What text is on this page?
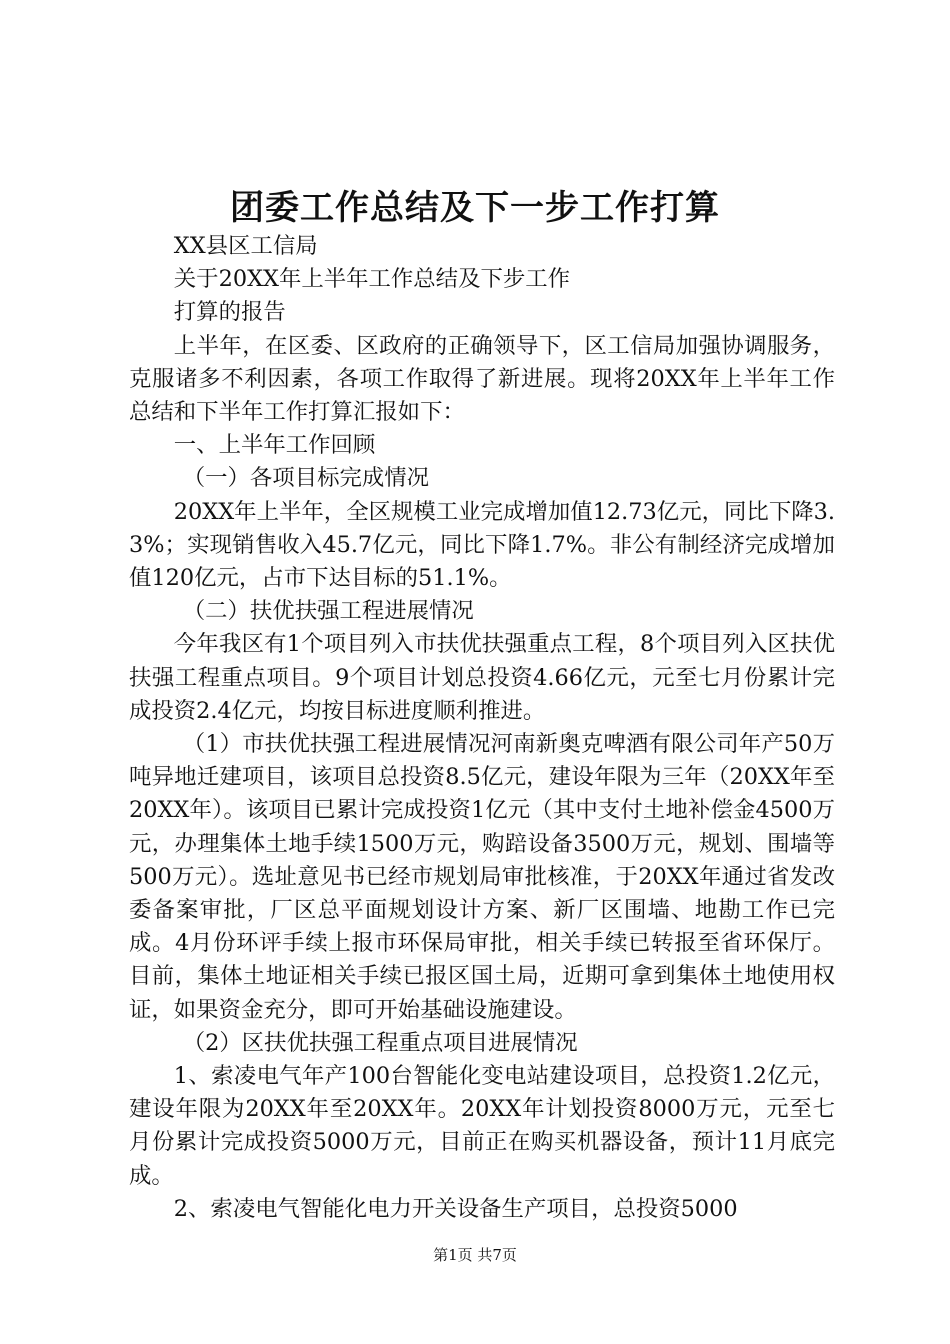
团委工作总结及下一步工作打算

XX县区工信局

关于20XX年上半年工作总结及下步工作

打算的报告

上半年，在区委、区政府的正确领导下，区工信局加强协调服务，克服诸多不利因素，各项工作取得了新进展。现将20XX年上半年工作总结和下半年工作打算汇报如下：

一、上半年工作回顾

（一）各项目标完成情况

20XX年上半年，全区规模工业完成增加值12.73亿元，同比下降3.3%；实现销售收入45.7亿元，同比下降1.7%。非公有制经济完成增加值120亿元，占市下达目标的51.1%。

（二）扶优扶强工程进展情况

今年我区有1个项目列入市扶优扶强重点工程，8个项目列入区扶优扶强工程重点项目。9个项目计划总投资4.66亿元，元至七月份累计完成投资2.4亿元，均按目标进度顺利推进。

（1）市扶优扶强工程进展情况河南新奥克啤酒有限公司年产50万吨异地迁建项目，该项目总投资8.5亿元，建设年限为三年（20XX年至20XX年）。该项目已累计完成投资1亿元（其中支付土地补偿金4500万元，办理集体土地手续1500万元，购踣设备3500万元，规划、围墙等500万元）。选址意见书已经市规划局审批核准，于20XX年通过省发改委备案审批，厂区总平面规划设计方案、新厂区围墙、地勘工作已完成。4月份环评手续上报市环保局审批，相关手续已转报至省环保厅。目前，集体土地证相关手续已报区国土局，近期可拿到集体土地使用权证，如果资金充分，即可开始基础设施建设。

（2）区扶优扶强工程重点项目进展情况

1、索凌电气年产100台智能化变电站建设项目，总投资1.2亿元，建设年限为20XX年至20XX年。20XX年计划投资8000万元，元至七月份累计完成投资5000万元，目前正在购买机器设备，预计11月底完成。

2、索凌电气智能化电力开关设备生产项目，总投资5000

第1页 共7页
